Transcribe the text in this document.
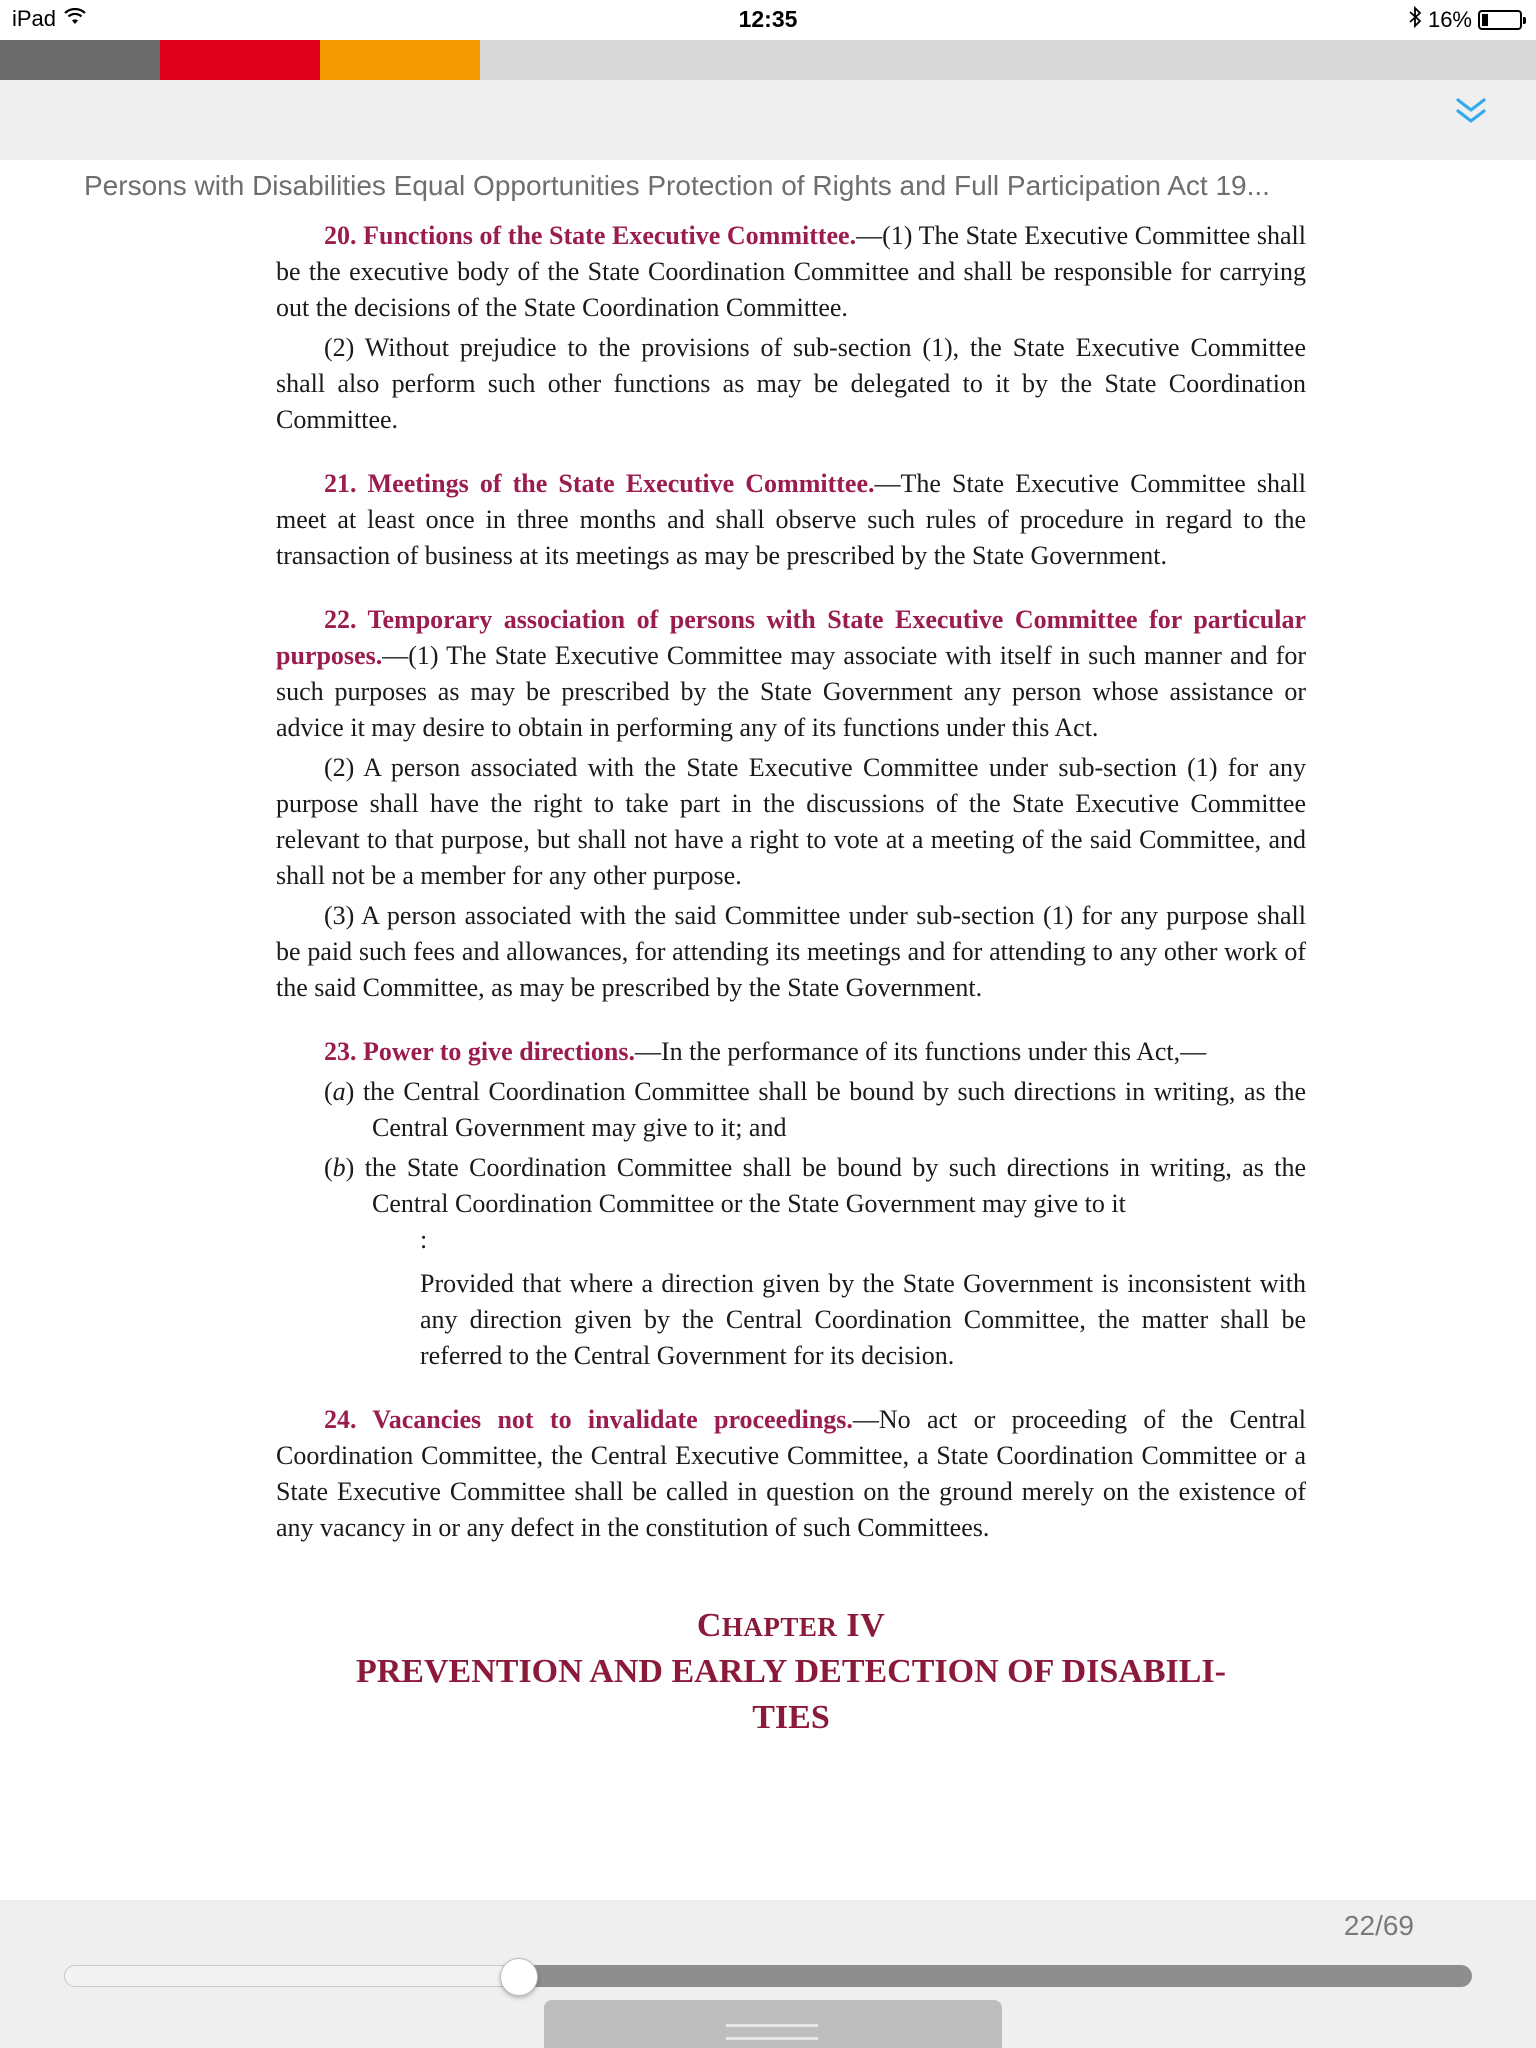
iPad	12:35	16%
Persons with Disabilities Equal Opportunities Protection of Rights and Full Participation Act 19...

20. Functions of the State Executive Committee.—(1) The State Executive Committee shall be the executive body of the State Coordination Committee and shall be responsible for carrying out the decisions of the State Coordination Committee.

(2) Without prejudice to the provisions of sub-section (1), the State Executive Committee shall also perform such other functions as may be delegated to it by the State Coordination Committee.

21. Meetings of the State Executive Committee.—The State Executive Committee shall meet at least once in three months and shall observe such rules of procedure in regard to the transaction of business at its meetings as may be prescribed by the State Government.

22. Temporary association of persons with State Executive Committee for particular purposes.—(1) The State Executive Committee may associate with itself in such manner and for such purposes as may be prescribed by the State Government any person whose assistance or advice it may desire to obtain in performing any of its functions under this Act.

(2) A person associated with the State Executive Committee under sub-section (1) for any purpose shall have the right to take part in the discussions of the State Executive Committee relevant to that purpose, but shall not have a right to vote at a meeting of the said Committee, and shall not be a member for any other purpose.

(3) A person associated with the said Committee under sub-section (1) for any purpose shall be paid such fees and allowances, for attending its meetings and for attending to any other work of the said Committee, as may be prescribed by the State Government.

23. Power to give directions.—In the performance of its functions under this Act,—

(a) the Central Coordination Committee shall be bound by such directions in writing, as the Central Government may give to it; and

(b) the State Coordination Committee shall be bound by such directions in writing, as the Central Coordination Committee or the State Government may give to it

:

Provided that where a direction given by the State Government is inconsistent with any direction given by the Central Coordination Committee, the matter shall be referred to the Central Government for its decision.

24. Vacancies not to invalidate proceedings.—No act or proceeding of the Central Coordination Committee, the Central Executive Committee, a State Coordination Committee or a State Executive Committee shall be called in question on the ground merely on the existence of any vacancy in or any defect in the constitution of such Committees.

CHAPTER IV
PREVENTION AND EARLY DETECTION OF DISABILI-
TIES
22/69
